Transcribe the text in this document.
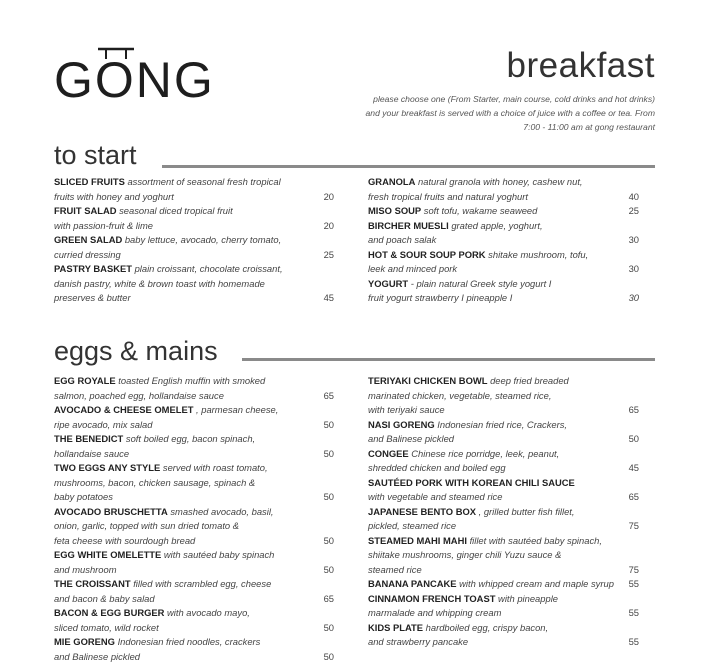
GONG	breakfast

please choose one (From Starter, main course, cold drinks and hot drinks) and your breakfast is served with a choice of juice with a coffee or tea. From 7:00 - 11:00 am at gong restaurant

to start
SLICED FRUITS assortment of seasonal fresh tropical
fruits with honey and yoghurt	20
FRUIT SALAD seasonal diced tropical fruit
with passion-fruit & lime	20
GREEN SALAD baby lettuce, avocado, cherry tomato,
curried dressing	25
PASTRY BASKET plain croissant, chocolate croissant,
danish pastry, white & brown toast with homemade
preserves & butter	45
GRANOLA natural granola with honey, cashew nut,
fresh tropical fruits and natural yoghurt	40
MISO SOUP soft tofu, wakame seaweed	25
BIRCHER MUESLI grated apple, yoghurt,
and poach salak	30
HOT & SOUR SOUP PORK shitake mushroom, tofu,
leek and minced pork	30
YOGURT - plain natural Greek style yogurt I
fruit yogurt strawberry I pineapple I	30
eggs & mains
EGG ROYALE toasted English muffin with smoked
salmon, poached egg, hollandaise sauce	65
AVOCADO & CHEESE OMELET , parmesan cheese,
ripe avocado, mix salad	50
THE BENEDICT soft boiled egg, bacon spinach,
hollandaise sauce	50
TWO EGGS ANY STYLE served with roast tomato,
mushrooms, bacon, chicken sausage, spinach &
baby potatoes	50
AVOCADO BRUSCHETTA smashed avocado, basil,
onion, garlic, topped with sun dried tomato &
feta cheese with sourdough bread	50
EGG WHITE OMELETTE with sautéed baby spinach
and mushroom	50
THE CROISSANT filled with scrambled egg, cheese
and bacon & baby salad	65
BACON & EGG BURGER with avocado mayo,
sliced tomato, wild rocket	50
MIE GORENG Indonesian fried noodles, crackers
and Balinese pickled	50
TERIYAKI CHICKEN BOWL deep fried breaded
marinated chicken, vegetable, steamed rice,
with teriyaki sauce	65
NASI GORENG Indonesian fried rice, Crackers,
and Balinese pickled	50
CONGEE Chinese rice porridge, leek, peanut,
shredded chicken and boiled egg	45
SAUTÉED PORK WITH KOREAN CHILI SAUCE
with vegetable and steamed rice	65
JAPANESE BENTO BOX , grilled butter fish fillet,
pickled, steamed rice	75
STEAMED MAHI MAHI fillet with sautéed baby spinach,
shiitake mushrooms, ginger chili Yuzu sauce &
steamed rice	75
BANANA PANCAKE with whipped cream and maple syrup	55
CINNAMON FRENCH TOAST with pineapple
marmalade and whipping cream	55
KIDS PLATE hardboiled egg, crispy bacon,
and strawberry pancake	55
